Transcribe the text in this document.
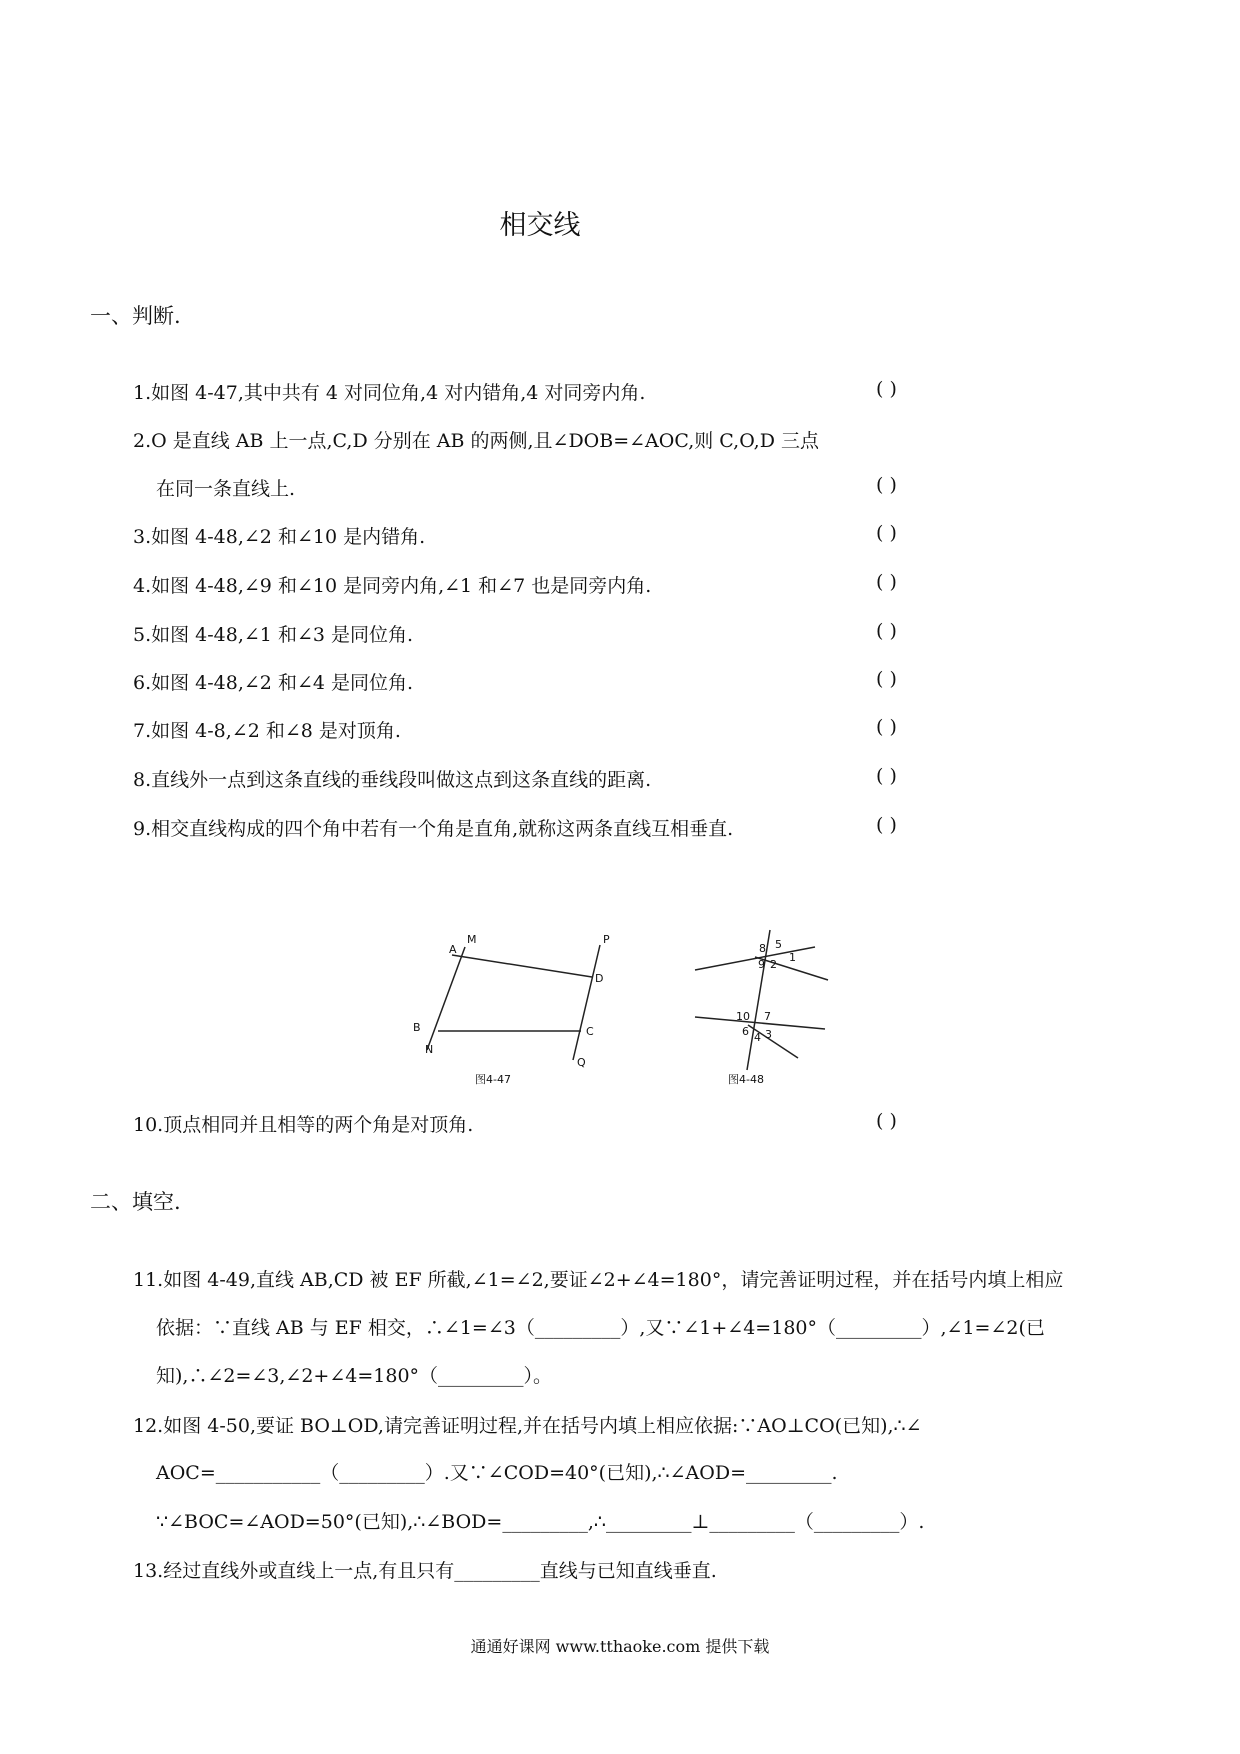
相交线
一、判断.
1.如图 4-47,其中共有 4 对同位角,4 对内错角,4 对同旁内角.	( )
2.O 是直线 AB 上一点,C,D 分别在 AB 的两侧,且∠DOB=∠AOC,则 C,O,D 三点
在同一条直线上.	( )
3.如图 4-48,∠2 和∠10 是内错角.	( )
4.如图 4-48,∠9 和∠10 是同旁内角,∠1 和∠7 也是同旁内角.	( )
5.如图 4-48,∠1 和∠3 是同位角.	( )
6.如图 4-48,∠2 和∠4 是同位角.	( )
7.如图 4-8,∠2 和∠8 是对顶角.	( )
8.直线外一点到这条直线的垂线段叫做这点到这条直线的距离.	( )
9.相交直线构成的四个角中若有一个角是直角,就称这两条直线互相垂直.	( )
A
M
B
N
P
D
C
Q
图4-47
8 5
9 2
1
10 7
6 4 3
图4-48
10.顶点相同并且相等的两个角是对顶角.	( )
二、填空.
11.如图 4-49,直线 AB,CD 被 EF 所截,∠1=∠2,要证∠2+∠4=180°，请完善证明过程，并在括号内填上相应
依据：∵直线 AB 与 EF 相交，∴∠1=∠3（_________）,又∵∠1+∠4=180°（_________）,∠1=∠2(已
知),∴∠2=∠3,∠2+∠4=180°（_________）。
12.如图 4-50,要证 BO⊥OD,请完善证明过程,并在括号内填上相应依据:∵AO⊥CO(已知),∴∠
AOC=___________（_________）.又∵∠COD=40°(已知),∴∠AOD=_________.
∵∠BOC=∠AOD=50°(已知),∴∠BOD=_________,∴_________⊥_________（_________）.
13.经过直线外或直线上一点,有且只有_________直线与已知直线垂直.
通通好课网 www.tthaoke.com 提供下载
